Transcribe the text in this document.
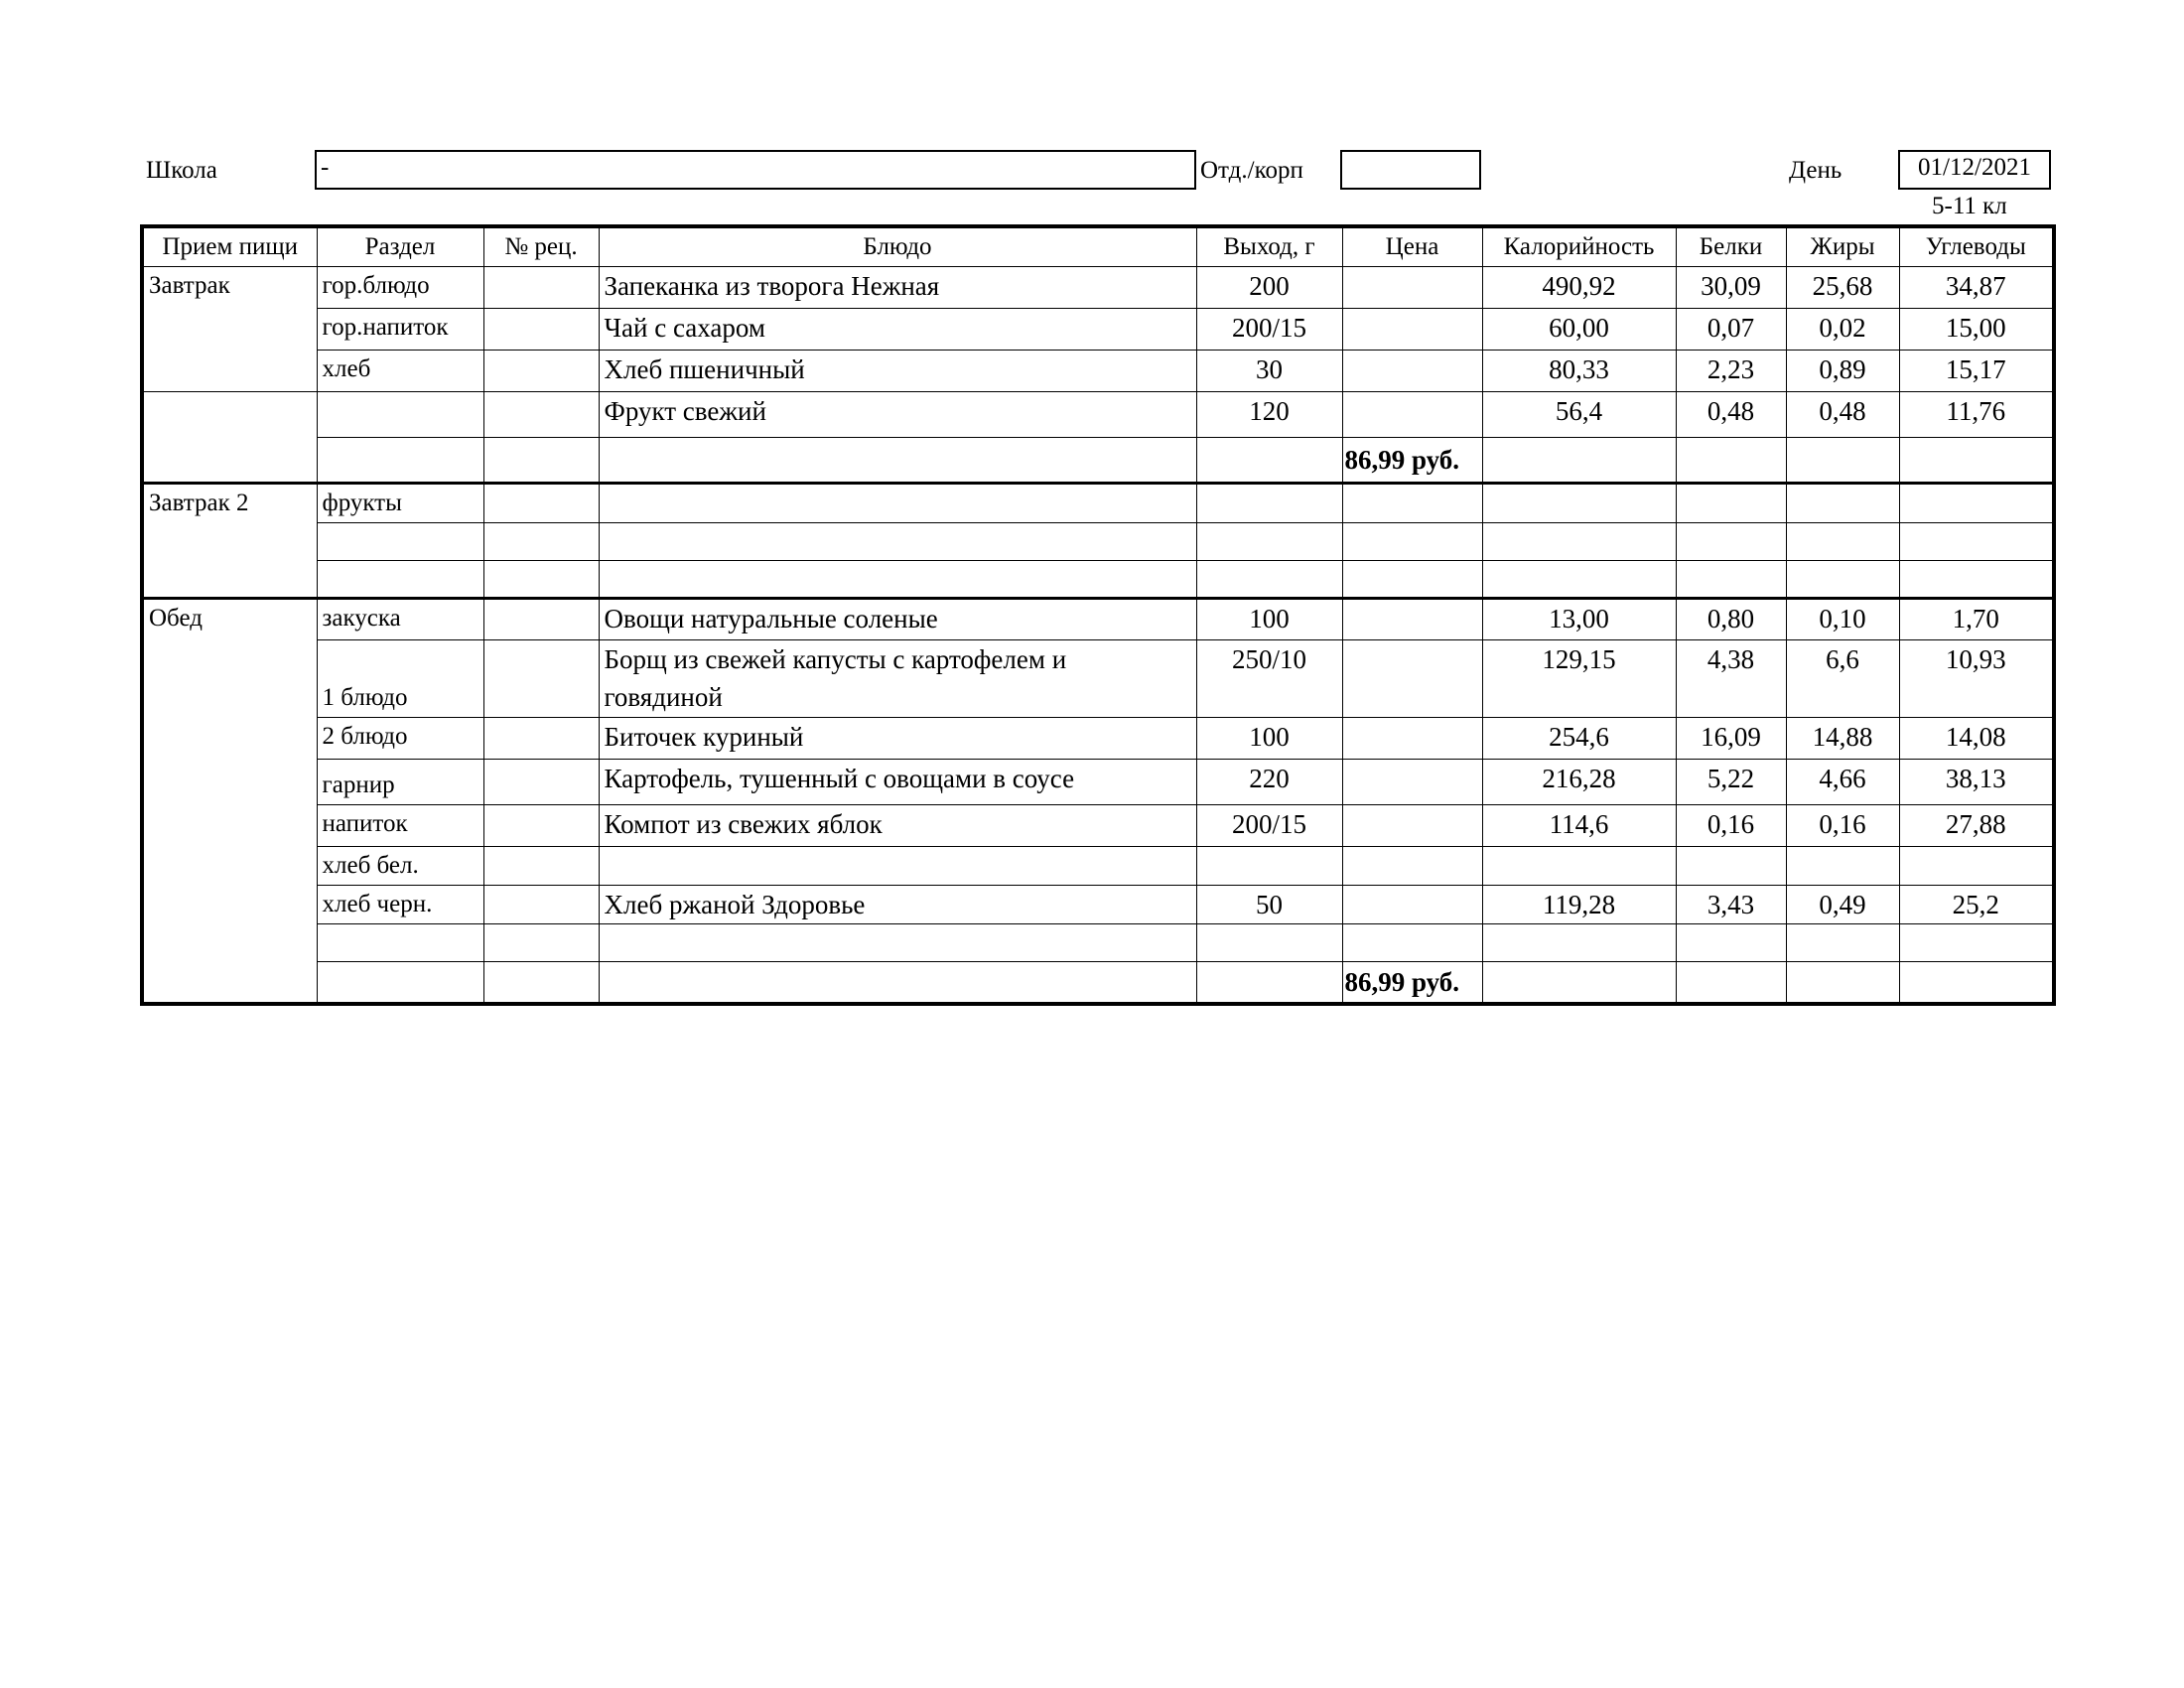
Школа	-	Отд./корп	День	01/12/2021
5-11 кл
Прием пищи	Раздел	№ рец.	Блюдо	Выход, г	Цена	Калорийность	Белки	Жиры	Углеводы
Завтрак	гор.блюдо		Запеканка из творога Нежная	200		490,92	30,09	25,68	34,87
	гор.напиток		Чай с сахаром	200/15		60,00	0,07	0,02	15,00
	хлеб		Хлеб пшеничный	30		80,33	2,23	0,89	15,17
			Фрукт свежий	120		56,4	0,48	0,48	11,76
					86,99 руб.				
Завтрак 2	фрукты								

Обед	закуска		Овощи натуральные соленые	100		13,00	0,80	0,10	1,70
	1 блюдо		Борщ из свежей капусты с картофелем и говядиной	250/10		129,15	4,38	6,6	10,93
	2 блюдо		Биточек куриный	100		254,6	16,09	14,88	14,08
	гарнир		Картофель, тушенный с овощами в соусе	220		216,28	5,22	4,66	38,13
	напиток		Компот из свежих яблок	200/15		114,6	0,16	0,16	27,88
	хлеб бел.								
	хлеб черн.		Хлеб ржаной Здоровье	50		119,28	3,43	0,49	25,2

					86,99 руб.				
